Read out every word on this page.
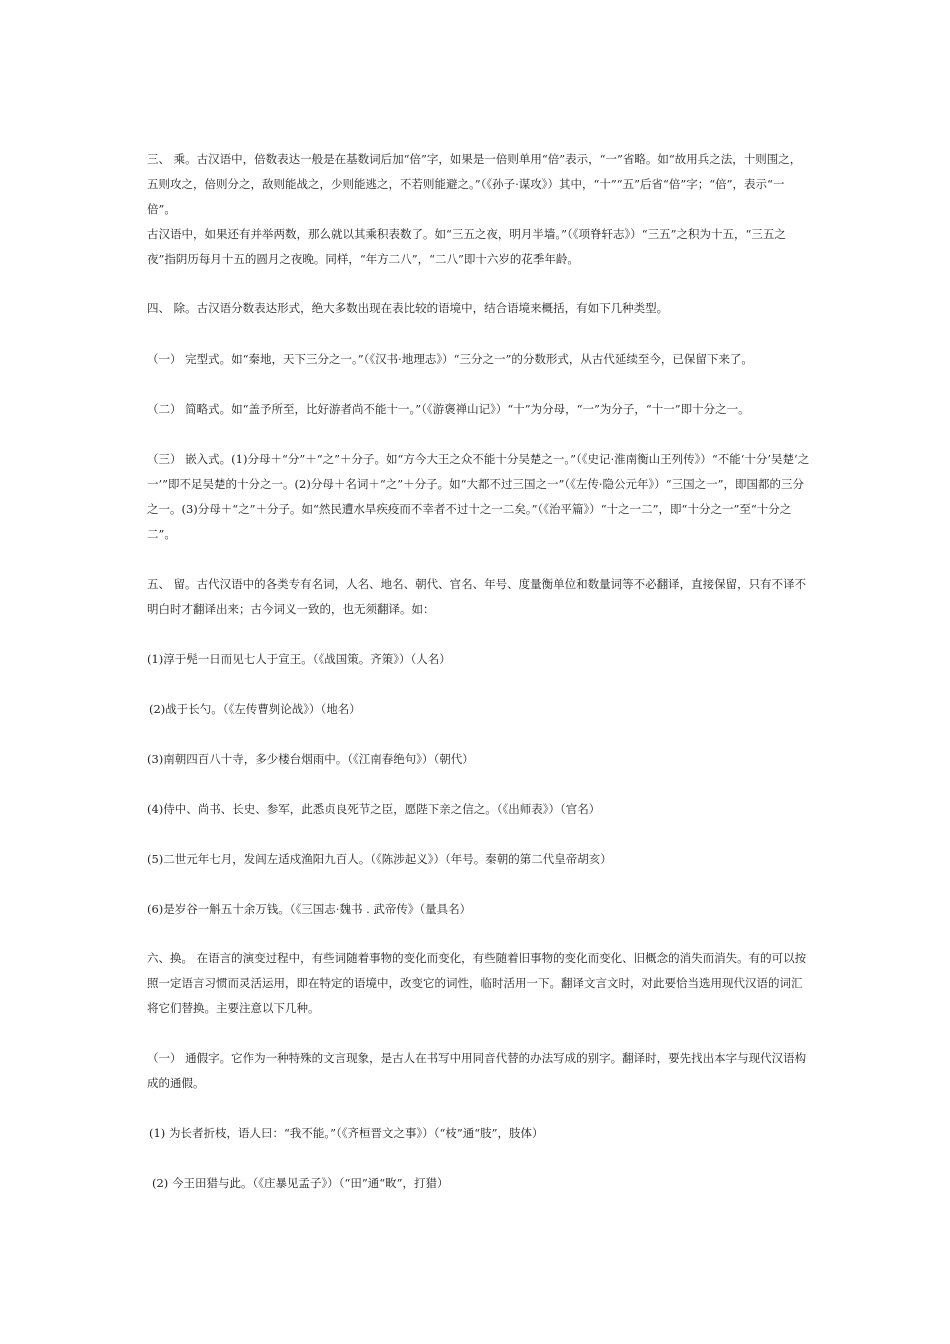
三、 乘。古汉语中，倍数表达一般是在基数词后加“倍”字，如果是一倍则单用“倍”表示，“一”省略。如“故用兵之法，十则围之，五则攻之，倍则分之，敌则能战之，少则能逃之，不若则能避之。”（《孙子·谋攻》）其中，“十”“五”后省“倍”字；“倍”，表示“一倍”。
古汉语中，如果还有并举两数，那么就以其乘积表数了。如“三五之夜，明月半墙。”（《项脊轩志》）“三五”之积为十五，“三五之夜”指阴历每月十五的圆月之夜晚。同样，“年方二八”，“二八”即十六岁的花季年龄。
四、 除。古汉语分数表达形式，绝大多数出现在表比较的语境中，结合语境来概括，有如下几种类型。
（一） 完型式。如“秦地，天下三分之一。”（《汉书·地理志》）“三分之一”的分数形式，从古代延续至今，已保留下来了。
（二） 简略式。如“盖予所至，比好游者尚不能十一。”（《游褒禅山记》）“十”为分母，“一”为分子，“十一”即十分之一。
（三） 嵌入式。(1)分母＋“分”＋“之”＋分子。如“方今大王之众不能十分吴楚之一。”（《史记·淮南衡山王列传》）“不能‘十分’吴楚‘之一’”即不足吴楚的十分之一。(2)分母＋名词＋“之”＋分子。如“大都不过三国之一”（《左传·隐公元年》）“三国之一”，即国都的三分之一。(3)分母＋“之”＋分子。如“然民遭水旱疾疫而不幸者不过十之一二矣。”（《治平篇》）“十之一二”，即“十分之一”至“十分之二”。
五、 留。古代汉语中的各类专有名词，人名、地名、朝代、官名、年号、度量衡单位和数量词等不必翻译，直接保留，只有不译不明白时才翻译出来；古今词义一致的，也无须翻译。如：
(1)淳于髡一日而见七人于宣王。（《战国策。齐策》）（人名）
(2)战于长勺。（《左传曹刿论战》）（地名）
(3)南朝四百八十寺，多少楼台烟雨中。（《江南春绝句》）（朝代）
(4)侍中、尚书、长史、参军，此悉贞良死节之臣，愿陛下亲之信之。（《出师表》）（官名）
(5)二世元年七月，发闾左适戍渔阳九百人。（《陈涉起义》）（年号。秦朝的第二代皇帝胡亥）
(6)是岁谷一斛五十余万钱。（《三国志·魏书 . 武帝传》（量具名）
六、换。 在语言的演变过程中，有些词随着事物的变化而变化，有些随着旧事物的变化而变化、旧概念的消失而消失。有的可以按照一定语言习惯而灵活运用，即在特定的语境中，改变它的词性，临时活用一下。翻译文言文时，对此要恰当选用现代汉语的词汇将它们替换。主要注意以下几种。
（一） 通假字。它作为一种特殊的文言现象，是古人在书写中用同音代替的办法写成的别字。翻译时，要先找出本字与现代汉语构成的通假。
(1) 为长者折枝，语人曰：“我不能。”（《齐桓晋文之事》）（“枝”通“肢”，肢体）
(2) 今王田猎与此。（《庄暴见孟子》）（“田”通“畋”，打猎）
